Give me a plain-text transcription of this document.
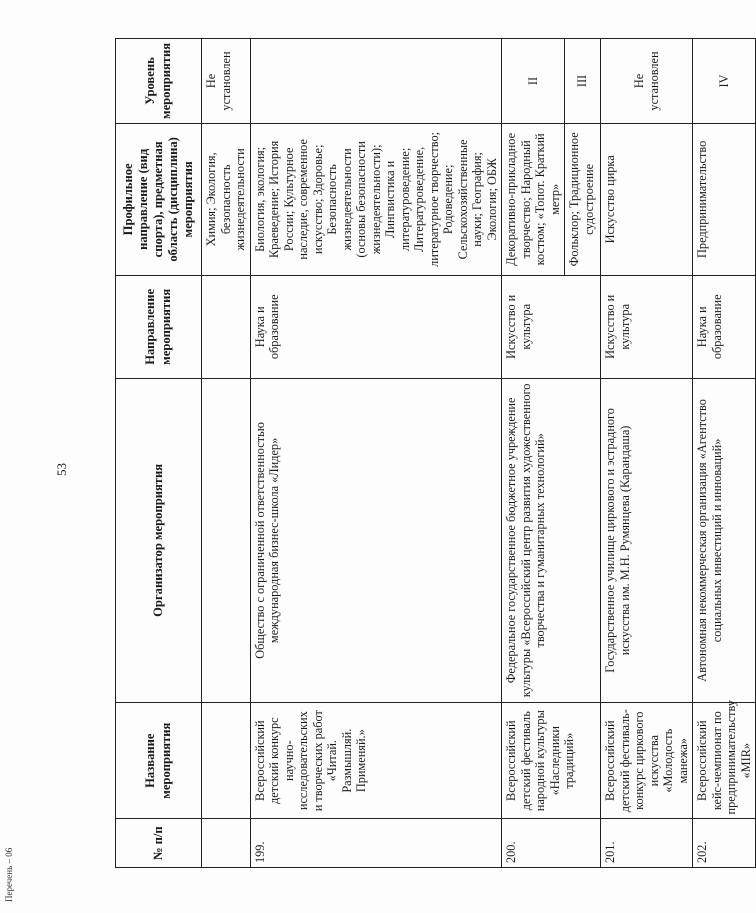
53
№ п/п	Название мероприятия	Организатор мероприятия	Направление мероприятия	Профильное направление (вид спорта), предметная область (дисциплина) мероприятия	Уровень мероприятия
				Химия; Экология, безопасность жизнедеятельности	Не установлен
199.	Всероссийский детский конкурс научно-исследовательских и творческих работ «Читай. Размышляй. Применяй.»	Общество с ограниченной ответственностью международная бизнес-школа «Лидер»	Наука и образование	Биология, экология; Краеведение; История России; Культурное наследие, современное искусство; Здоровье; Безопасность жизнедеятельности (основы безопасности жизнедеятельности); Лингвистика и литературоведение; Литературоведение, литературное творчество; Родоведение; Сельскохозяйственные науки; География; Экология; ОБЖ	
200.	Всероссийский детский фестиваль народной культуры «Наследники традиций»	Федеральное государственное бюджетное учреждение культуры «Всероссийский центр развития художественного творчества и гуманитарных технологий»	Искусство и культура	Декоративно-прикладное творчество; Народный костюм; «Топот. Краткий метр»	II
				Фольклор; Традиционное судостроение	III
201.	Всероссийский детский фестиваль-конкурс циркового искусства «Молодость манежа»	Государственное училище циркового и эстрадного искусства им. М.Н. Румянцева (Карандаша)	Искусство и культура	Искусство цирка	Не установлен
202.	Всероссийский кейс-чемпионат по предпринимательству «MIR»	Автономная некоммерческая организация «Агентство социальных инвестиций и инноваций»	Наука и образование	Предпринимательство	IV
Перечень – 06
